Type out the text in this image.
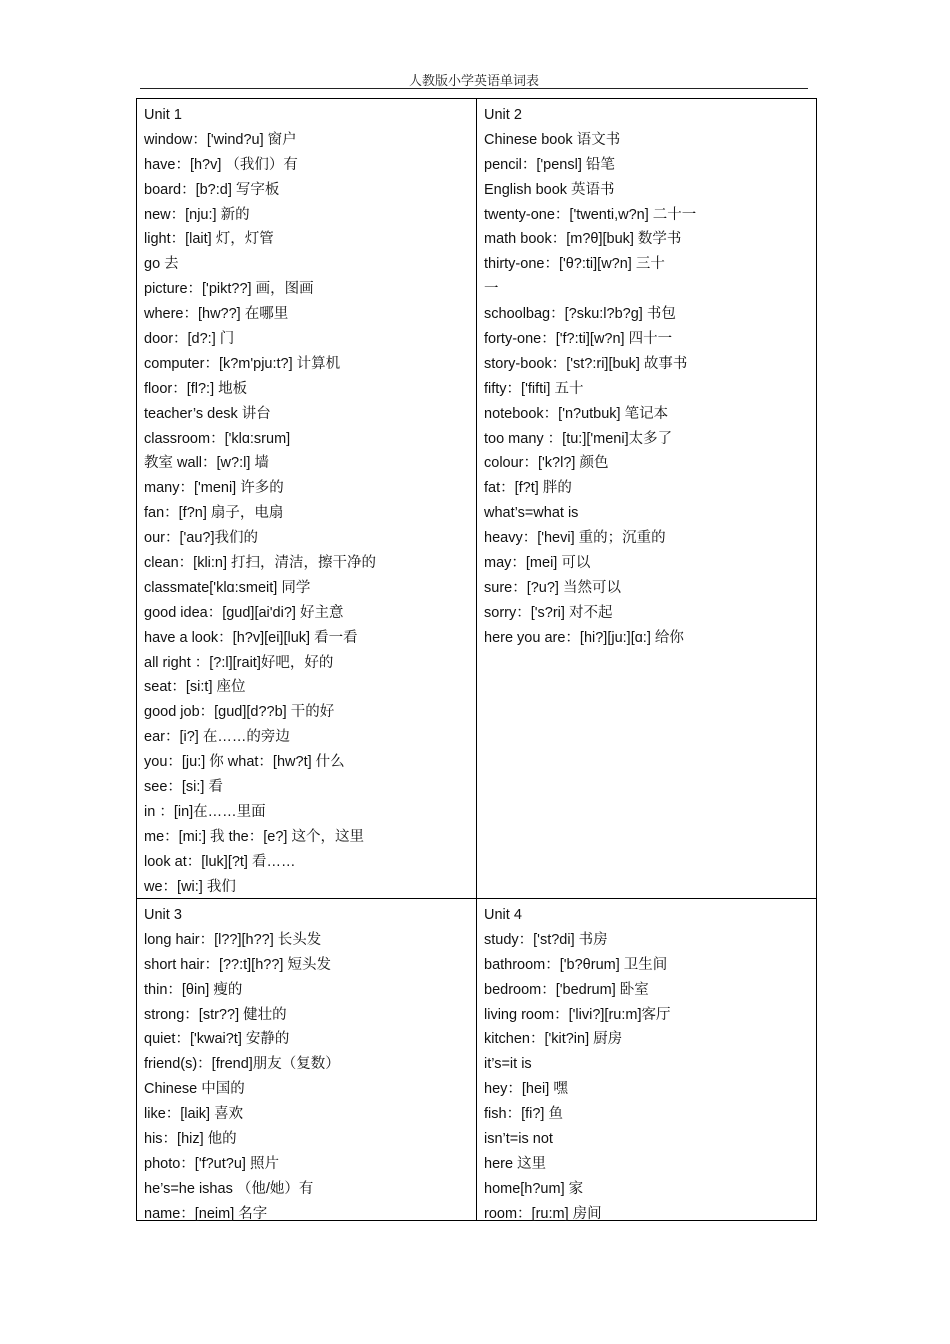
人教版小学英语单词表
Unit 1
window：['wind?u] 窗户
have：[h?v] （我们）有
board：[b?:d] 写字板
new：[nju:] 新的
light：[lait] 灯，灯管
go 去
picture：['pikt??] 画，图画
where：[hw??] 在哪里
door：[d?:] 门
computer：[k?m'pju:t?] 计算机
floor：[fl?:] 地板
teacher’s desk 讲台
classroom：['klɑ:srum]
教室 wall：[w?:l] 墙
many：['meni] 许多的
fan：[f?n] 扇子，电扇
our：['au?]我们的
clean：[kli:n] 打扫，清洁，擦干净的
classmate['klɑ:smeit] 同学
good idea：[gud][ai'di?] 好主意
have a look：[h?v][ei][luk] 看一看
all right ：[?:l][rait]好吧，好的
seat：[si:t] 座位
good job：[gud][d??b] 干的好
ear：[i?] 在……的旁边
you：[ju:] 你 what：[hw?t] 什么
see：[si:] 看
in ：[in]在……里面
me：[mi:] 我 the：[e?] 这个，这里
look at：[luk][?t] 看……
we：[wi:] 我们
Unit 2
Chinese book 语文书
pencil：['pensl] 铅笔
English book 英语书
twenty-one：['twenti,w?n] 二十一
math book：[m?θ][buk] 数学书
thirty-one：['θ?:ti][w?n] 三十
一
schoolbag：[?sku:l?b?g] 书包
forty-one：['f?:ti][w?n] 四十一
story-book：['st?:ri][buk] 故事书
fifty：['fifti] 五十
notebook：['n?utbuk] 笔记本
too many ：[tu:]['meni]太多了
colour：['k?l?] 颜色
fat：[f?t] 胖的
what’s=what is
heavy：['hevi] 重的；沉重的
may：[mei] 可以
sure：[?u?] 当然可以
sorry：['s?ri] 对不起
here you are：[hi?][ju:][ɑ:] 给你
Unit 3
long hair：[l??][h??] 长头发
short hair：[??:t][h??] 短头发
thin：[θin] 瘦的
strong：[str??] 健壮的
quiet：['kwai?t] 安静的
friend(s)：[frend]朋友（复数）
Chinese 中国的
like：[laik] 喜欢
his：[hiz] 他的
photo：['f?ut?u] 照片
he’s=he ishas （他/她）有
name：[neim] 名字
Unit 4
study：['st?di] 书房
bathroom：['b?θrum] 卫生间
bedroom：['bedrum] 卧室
living room：['livi?][ru:m]客厅
kitchen：['kit?in] 厨房
it’s=it is
hey：[hei] 嘿
fish：[fi?] 鱼
isn’t=is not
here 这里
home[h?um] 家
room：[ru:m] 房间
